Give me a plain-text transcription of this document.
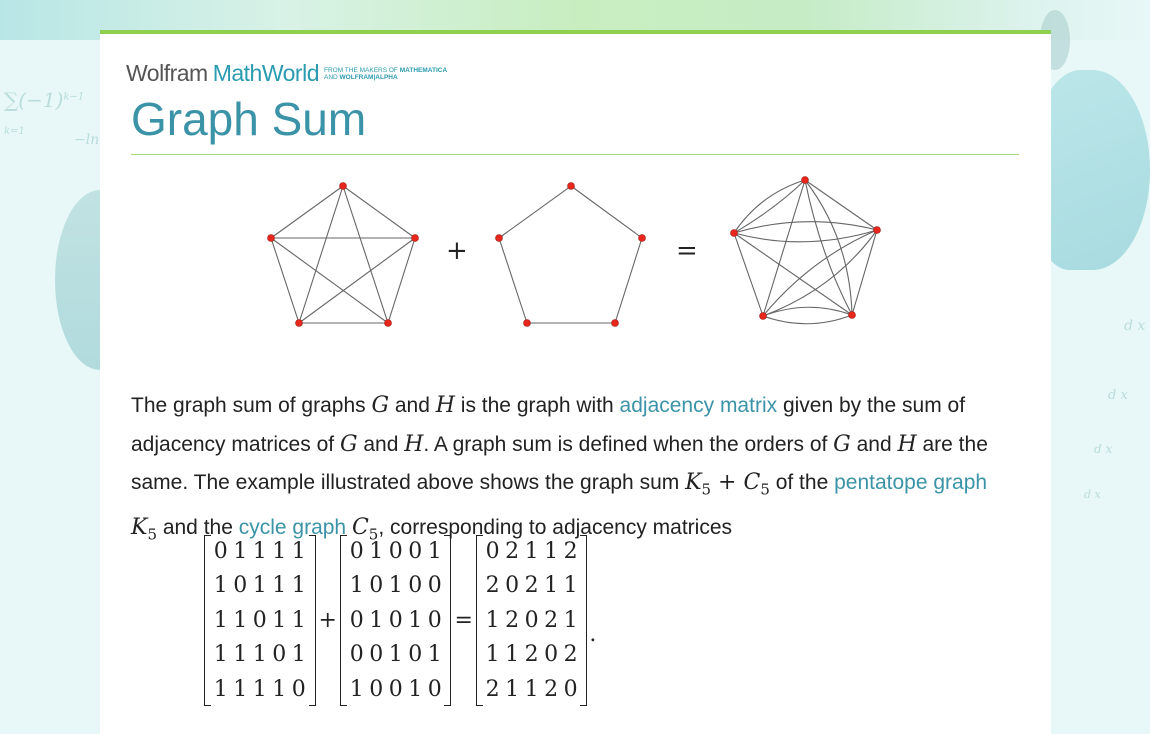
$\sum(-1)^{k-1}$
k=1
−ln
d x
d x
d x
d x
Wolfram MathWorld FROM THE MAKERS OF MATHEMATICA
AND WOLFRAM|ALPHA
Graph Sum
+	=

The graph sum of graphs G and H is the graph with adjacency matrix given by the sum of adjacency matrices of G and H. A graph sum is defined when the orders of G and H are the same. The example illustrated above shows the graph sum $K_5 + C_5$ of the pentatope graph $K_5$ and the cycle graph $C_5$, corresponding to adjacency matrices

0 1 1 1 1
1 0 1 1 1
1 1 0 1 1
1 1 1 0 1
1 1 1 1 0
+
0 1 0 0 1
1 0 1 0 0
0 1 0 1 0
0 0 1 0 1
1 0 0 1 0
=
0 2 1 1 2
2 0 2 1 1
1 2 0 2 1
1 1 2 0 2
2 1 1 2 0
.
